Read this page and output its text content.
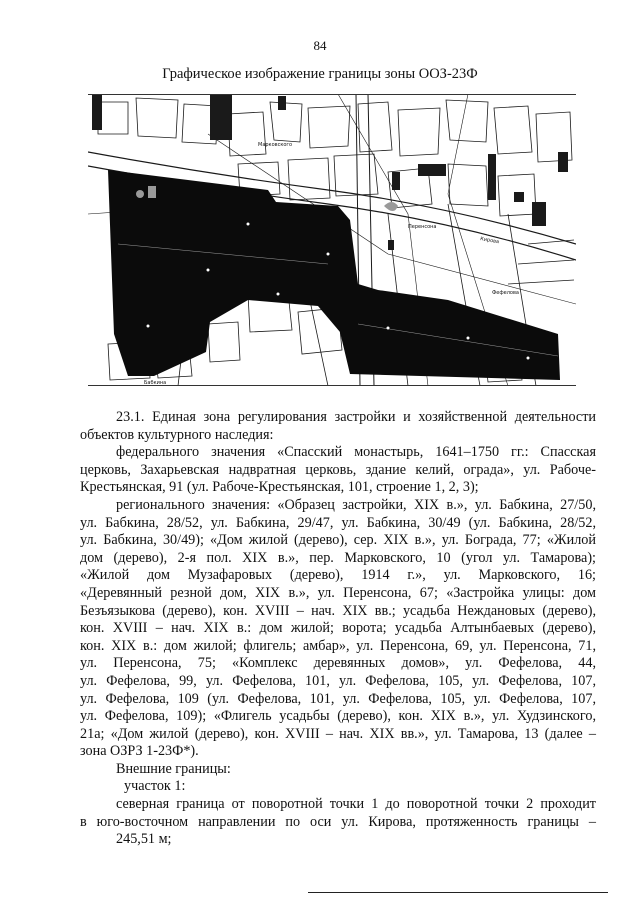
84
Графическое изображение границы зоны ООЗ-23Ф
Кирова
Бабкина
Марковского
Перенсона
Фефелова

23.1. Единая зона регулирования застройки и хозяйственной деятельности

объектов культурного наследия:

федерального значения «Спасский монастырь, 1641–1750 гг.: Спасская

церковь, Захарьевская надвратная церковь, здание келий, ограда», ул. Рабоче-

Крестьянская, 91 (ул. Рабоче-Крестьянская, 101, строение 1, 2, 3);

регионального значения: «Образец застройки, XIX в.», ул. Бабкина, 27/50,

ул. Бабкина, 28/52, ул. Бабкина, 29/47, ул. Бабкина, 30/49 (ул. Бабкина, 28/52,

ул. Бабкина, 30/49); «Дом жилой (дерево), сер. XIX в.», ул. Бограда, 77; «Жилой

дом (дерево), 2-я пол. XIX в.», пер. Марковского, 10 (угол ул. Тамарова);

«Жилой дом Музафаровых (дерево), 1914 г.», ул. Марковского, 16;

«Деревянный резной дом, XIX в.», ул. Перенсона, 67; «Застройка улицы: дом

Безъязыкова (дерево), кон. XVIII – нач. XIX вв.; усадьба Неждановых (дерево),

кон. XVIII – нач. XIX в.: дом жилой; ворота; усадьба Алтынбаевых (дерево),

кон. XIX в.: дом жилой; флигель; амбар», ул. Перенсона, 69, ул. Перенсона, 71,

ул. Перенсона, 75; «Комплекс деревянных домов», ул. Фефелова, 44,

ул. Фефелова, 99, ул. Фефелова, 101, ул. Фефелова, 105, ул. Фефелова, 107,

ул. Фефелова, 109 (ул. Фефелова, 101, ул. Фефелова, 105, ул. Фефелова, 107,

ул. Фефелова, 109); «Флигель усадьбы (дерево), кон. XIX в.», ул. Худзинского,

21а; «Дом жилой (дерево), кон. XVIII – нач. XIX вв.», ул. Тамарова, 13 (далее –

зона ОЗРЗ 1-23Ф*).

Внешние границы:

участок 1:

северная граница от поворотной точки 1 до поворотной точки 2 проходит

в юго-восточном направлении по оси ул. Кирова, протяженность границы –

245,51 м;
